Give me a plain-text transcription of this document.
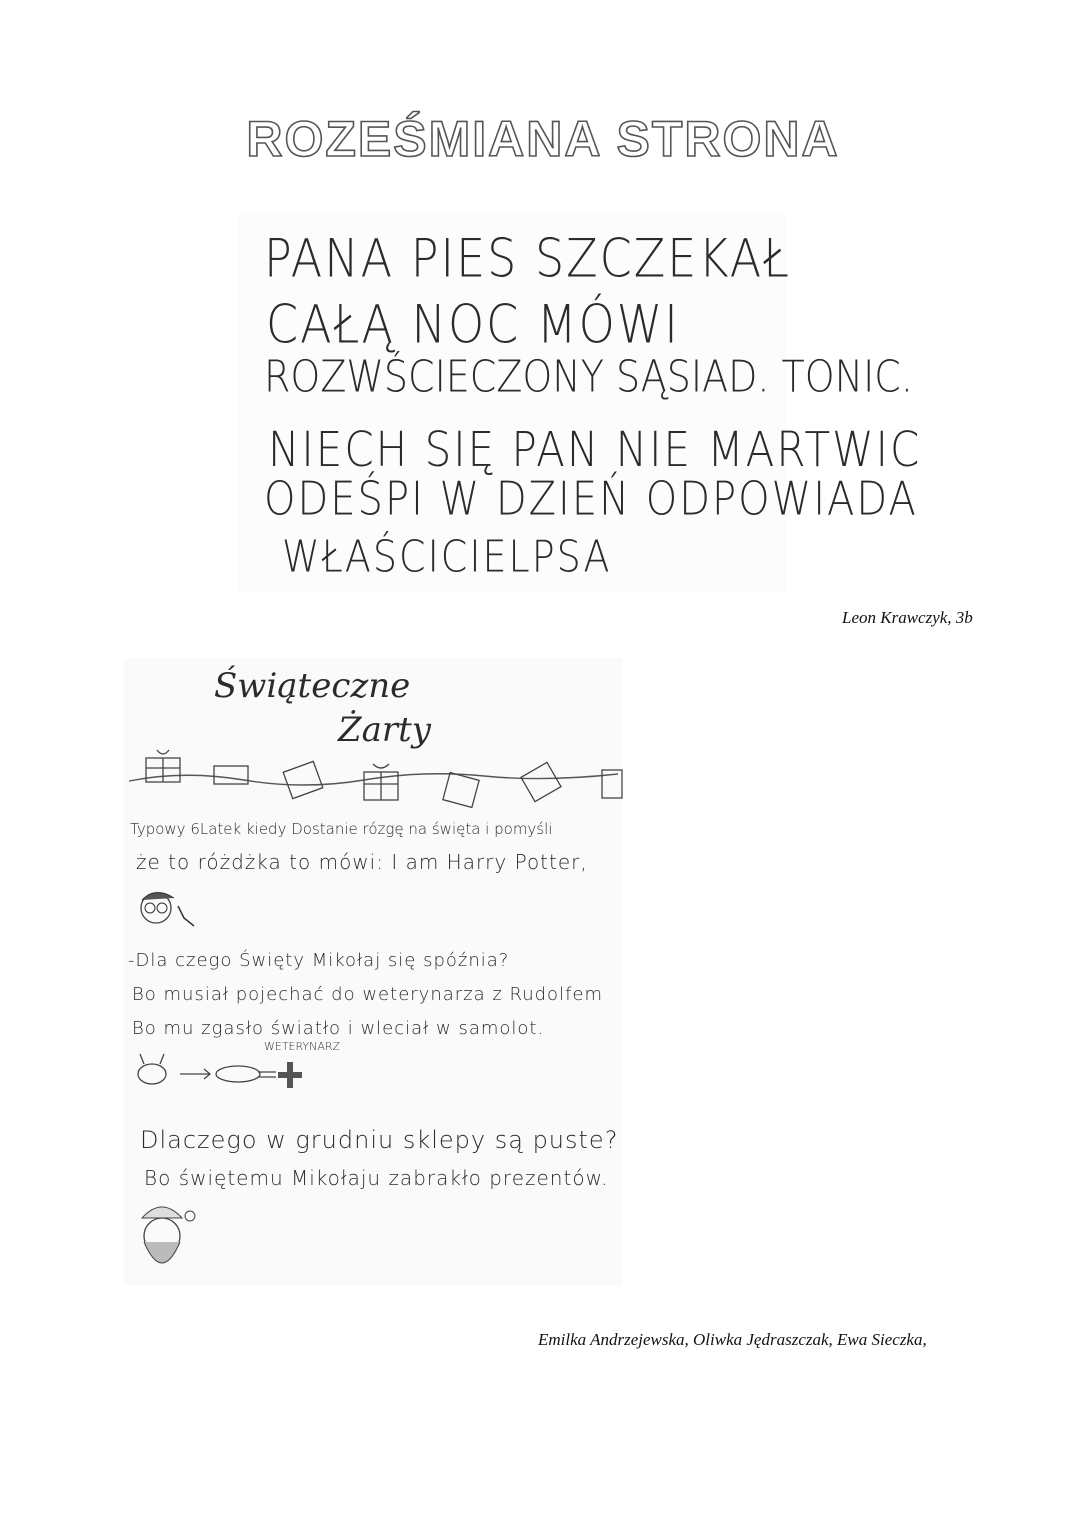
ROZEŚMIANA STRONA
PANA PIES SZCZEKAŁ
CAŁĄ NOC MÓWI
ROZWŚCIECZONY SĄSIAD. TONIC.
NIECH SIĘ PAN NIE MARTWIC
ODEŚPI W DZIEŃ ODPOWIADA
WŁAŚCICIELPSA
Leon Krawczyk, 3b
Świąteczne
Żarty
Typowy 6Latek kiedy Dostanie rózgę na święta i pomyśli
że to różdżka to mówi: I am Harry Potter,
-Dla czego Święty Mikołaj się spóźnia?
Bo musiał pojechać do weterynarza z Rudolfem
Bo mu zgasło światło i wleciał w samolot.
WETERYNARZ
Dlaczego w grudniu sklepy są puste?
Bo świętemu Mikołaju zabrakło prezentów.
Emilka Andrzejewska, Oliwka Jędraszczak, Ewa Sieczka,
